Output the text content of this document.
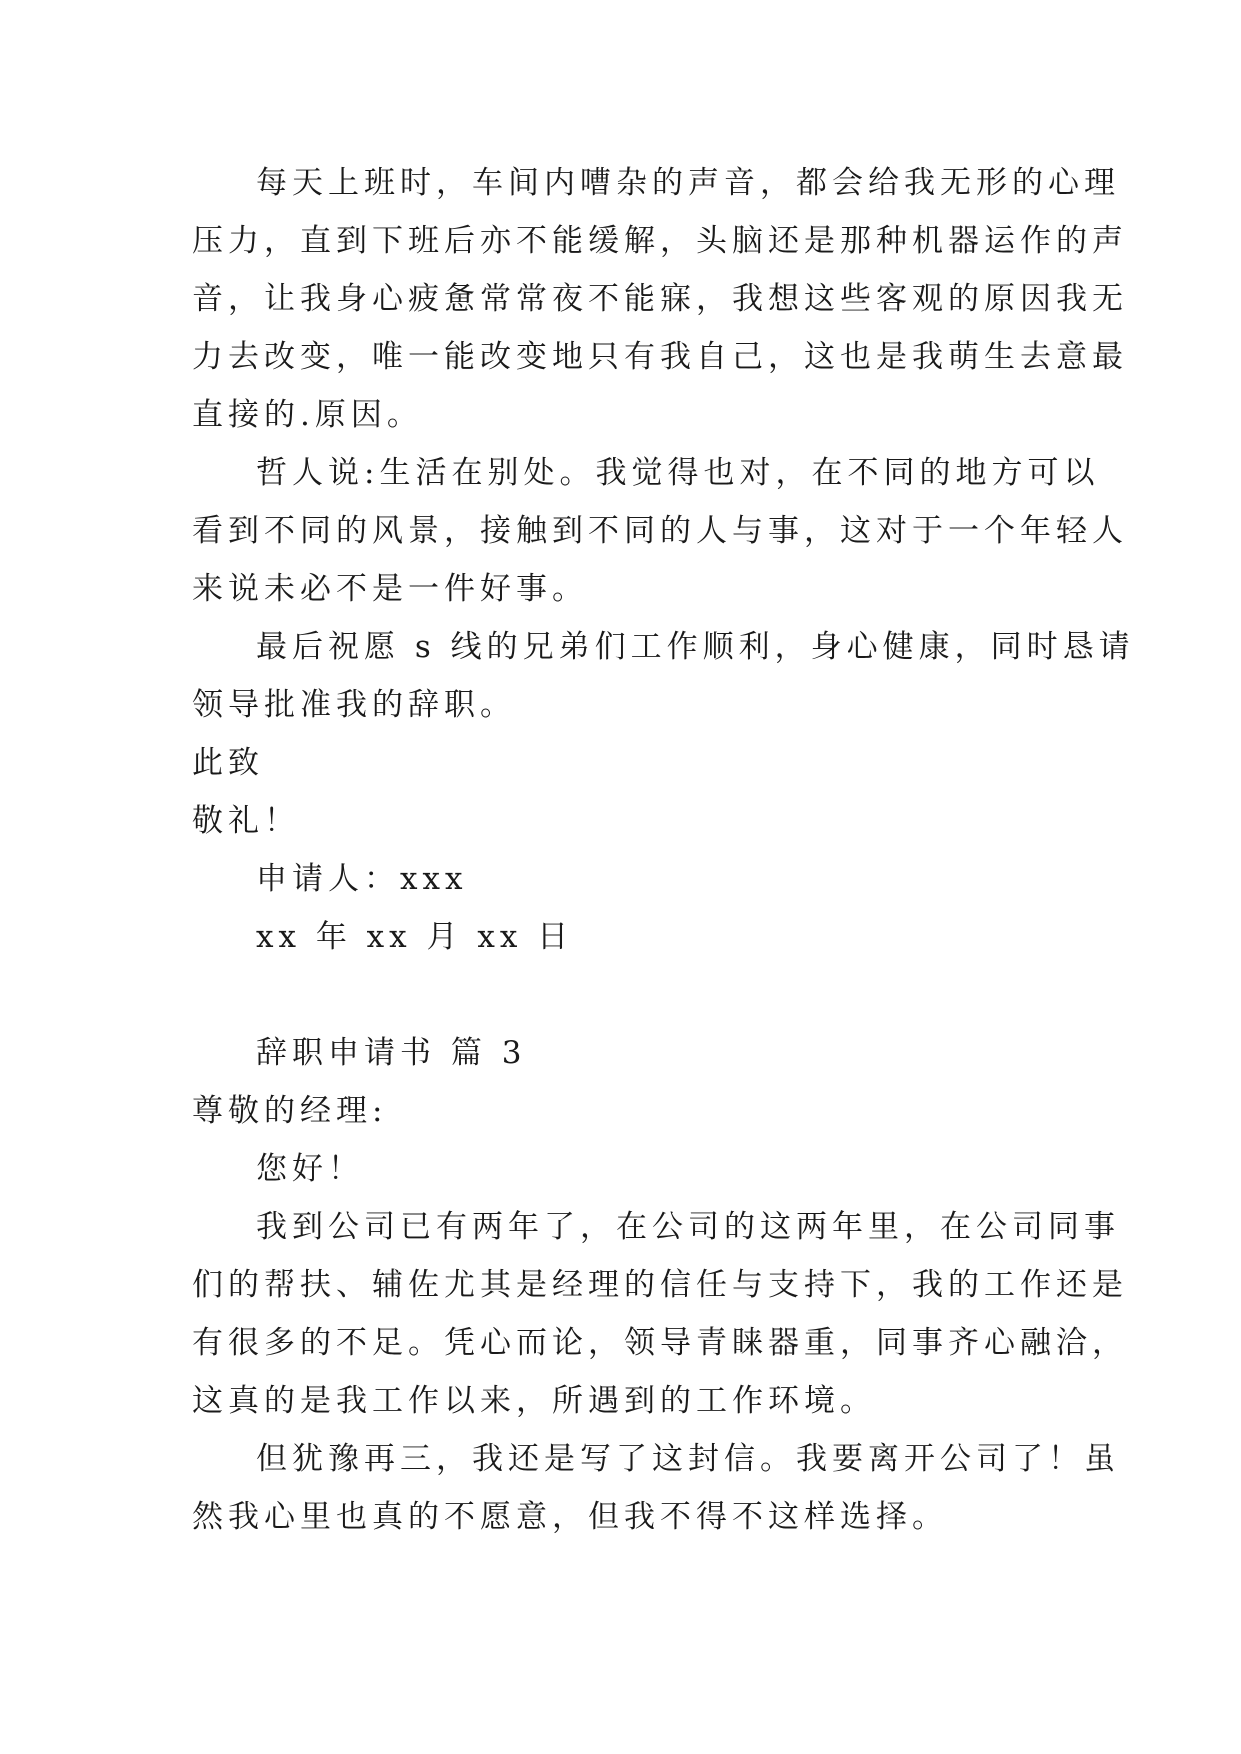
每天上班时，车间内嘈杂的声音，都会给我无形的心理
压力，直到下班后亦不能缓解，头脑还是那种机器运作的声
音，让我身心疲惫常常夜不能寐，我想这些客观的原因我无
力去改变，唯一能改变地只有我自己，这也是我萌生去意最
直接的.原因。
哲人说:生活在别处。我觉得也对，在不同的地方可以
看到不同的风景，接触到不同的人与事，这对于一个年轻人
来说未必不是一件好事。
最后祝愿 s 线的兄弟们工作顺利，身心健康，同时恳请
领导批准我的辞职。
此致
敬礼！
申请人：xxx
xx 年 xx 月 xx 日
辞职申请书 篇 3
尊敬的经理:
您好！
我到公司已有两年了，在公司的这两年里，在公司同事
们的帮扶、辅佐尤其是经理的信任与支持下，我的工作还是
有很多的不足。凭心而论，领导青睐器重，同事齐心融洽，
这真的是我工作以来，所遇到的工作环境。
但犹豫再三，我还是写了这封信。我要离开公司了！虽
然我心里也真的不愿意，但我不得不这样选择。
